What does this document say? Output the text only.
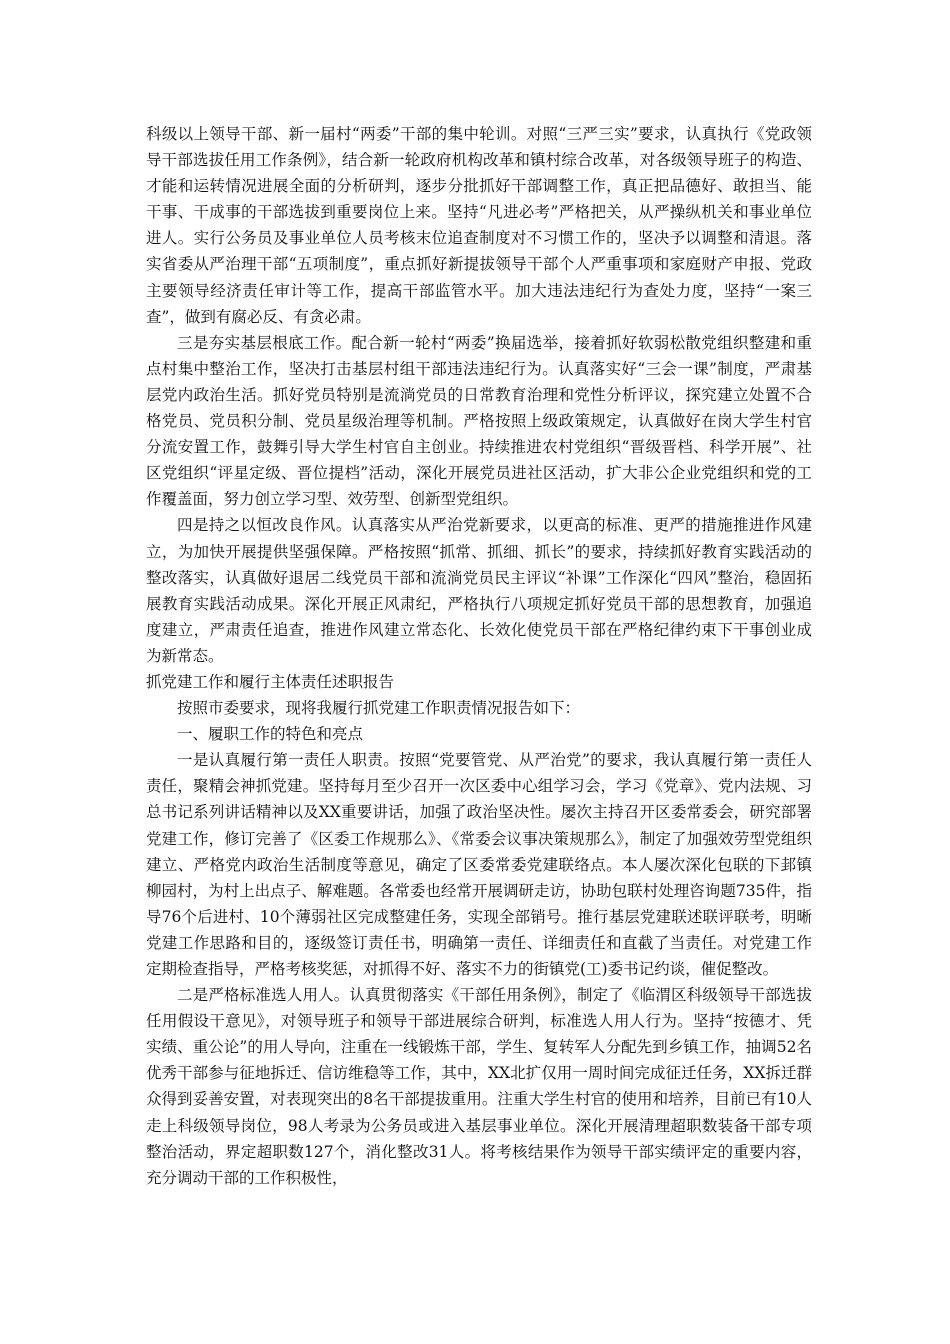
科级以上领导干部、新一届村“两委”干部的集中轮训。对照“三严三实”要求，认真执行《党政领导干部选拔任用工作条例》，结合新一轮政府机构改革和镇村综合改革，对各级领导班子的构造、才能和运转情况进展全面的分析研判，逐步分批抓好干部调整工作，真正把品德好、敢担当、能干事、干成事的干部选拔到重要岗位上来。坚持“凡进必考”严格把关，从严操纵机关和事业单位进人。实行公务员及事业单位人员考核末位追查制度对不习惯工作的，坚决予以调整和清退。落实省委从严治理干部“五项制度”，重点抓好新提拔领导干部个人严重事项和家庭财产申报、党政主要领导经济责任审计等工作，提高干部监管水平。加大违法违纪行为查处力度，坚持“一案三查”，做到有腐必反、有贪必肃。

三是夯实基层根底工作。配合新一轮村“两委”换届选举，接着抓好软弱松散党组织整建和重点村集中整治工作，坚决打击基层村组干部违法违纪行为。认真落实好“三会一课”制度，严肃基层党内政治生活。抓好党员特别是流淌党员的日常教育治理和党性分析评议，探究建立处置不合格党员、党员积分制、党员星级治理等机制。严格按照上级政策规定，认真做好在岗大学生村官分流安置工作，鼓舞引导大学生村官自主创业。持续推进农村党组织“晋级晋档、科学开展”、社区党组织“评星定级、晋位提档”活动，深化开展党员进社区活动，扩大非公企业党组织和党的工作覆盖面，努力创立学习型、效劳型、创新型党组织。

四是持之以恒改良作风。认真落实从严治党新要求，以更高的标准、更严的措施推进作风建立，为加快开展提供坚强保障。严格按照“抓常、抓细、抓长”的要求，持续抓好教育实践活动的整改落实，认真做好退居二线党员干部和流淌党员民主评议“补课”工作深化“四风”整治，稳固拓展教育实践活动成果。深化开展正风肃纪，严格执行八项规定抓好党员干部的思想教育，加强追度建立，严肃责任追查，推进作风建立常态化、长效化使党员干部在严格纪律约束下干事创业成为新常态。

抓党建工作和履行主体责任述职报告

按照市委要求，现将我履行抓党建工作职责情况报告如下：

一、履职工作的特色和亮点

一是认真履行第一责任人职责。按照“党要管党、从严治党”的要求，我认真履行第一责任人责任，聚精会神抓党建。坚持每月至少召开一次区委中心组学习会，学习《党章》、党内法规、习总书记系列讲话精神以及XX重要讲话，加强了政治坚决性。屡次主持召开区委常委会，研究部署党建工作，修订完善了《区委工作规那么》、《常委会议事决策规那么》，制定了加强效劳型党组织建立、严格党内政治生活制度等意见，确定了区委常委党建联络点。本人屡次深化包联的下邽镇柳园村，为村上出点子、解难题。各常委也经常开展调研走访，协助包联村处理咨询题735件，指导76个后进村、10个薄弱社区完成整建任务，实现全部销号。推行基层党建联述联评联考，明晰党建工作思路和目的，逐级签订责任书，明确第一责任、详细责任和直截了当责任。对党建工作定期检查指导，严格考核奖惩，对抓得不好、落实不力的街镇党(工)委书记约谈，催促整改。

二是严格标准选人用人。认真贯彻落实《干部任用条例》，制定了《临渭区科级领导干部选拔任用假设干意见》，对领导班子和领导干部进展综合研判，标准选人用人行为。坚持“按德才、凭实绩、重公论”的用人导向，注重在一线锻炼干部，学生、复转军人分配先到乡镇工作，抽调52名优秀干部参与征地拆迁、信访维稳等工作，其中，XX北扩仅用一周时间完成征迁任务，XX拆迁群众得到妥善安置，对表现突出的8名干部提拔重用。注重大学生村官的使用和培养，目前已有10人走上科级领导岗位，98人考录为公务员或进入基层事业单位。深化开展清理超职数装备干部专项整治活动，界定超职数127个，消化整改31人。将考核结果作为领导干部实绩评定的重要内容，充分调动干部的工作积极性，
